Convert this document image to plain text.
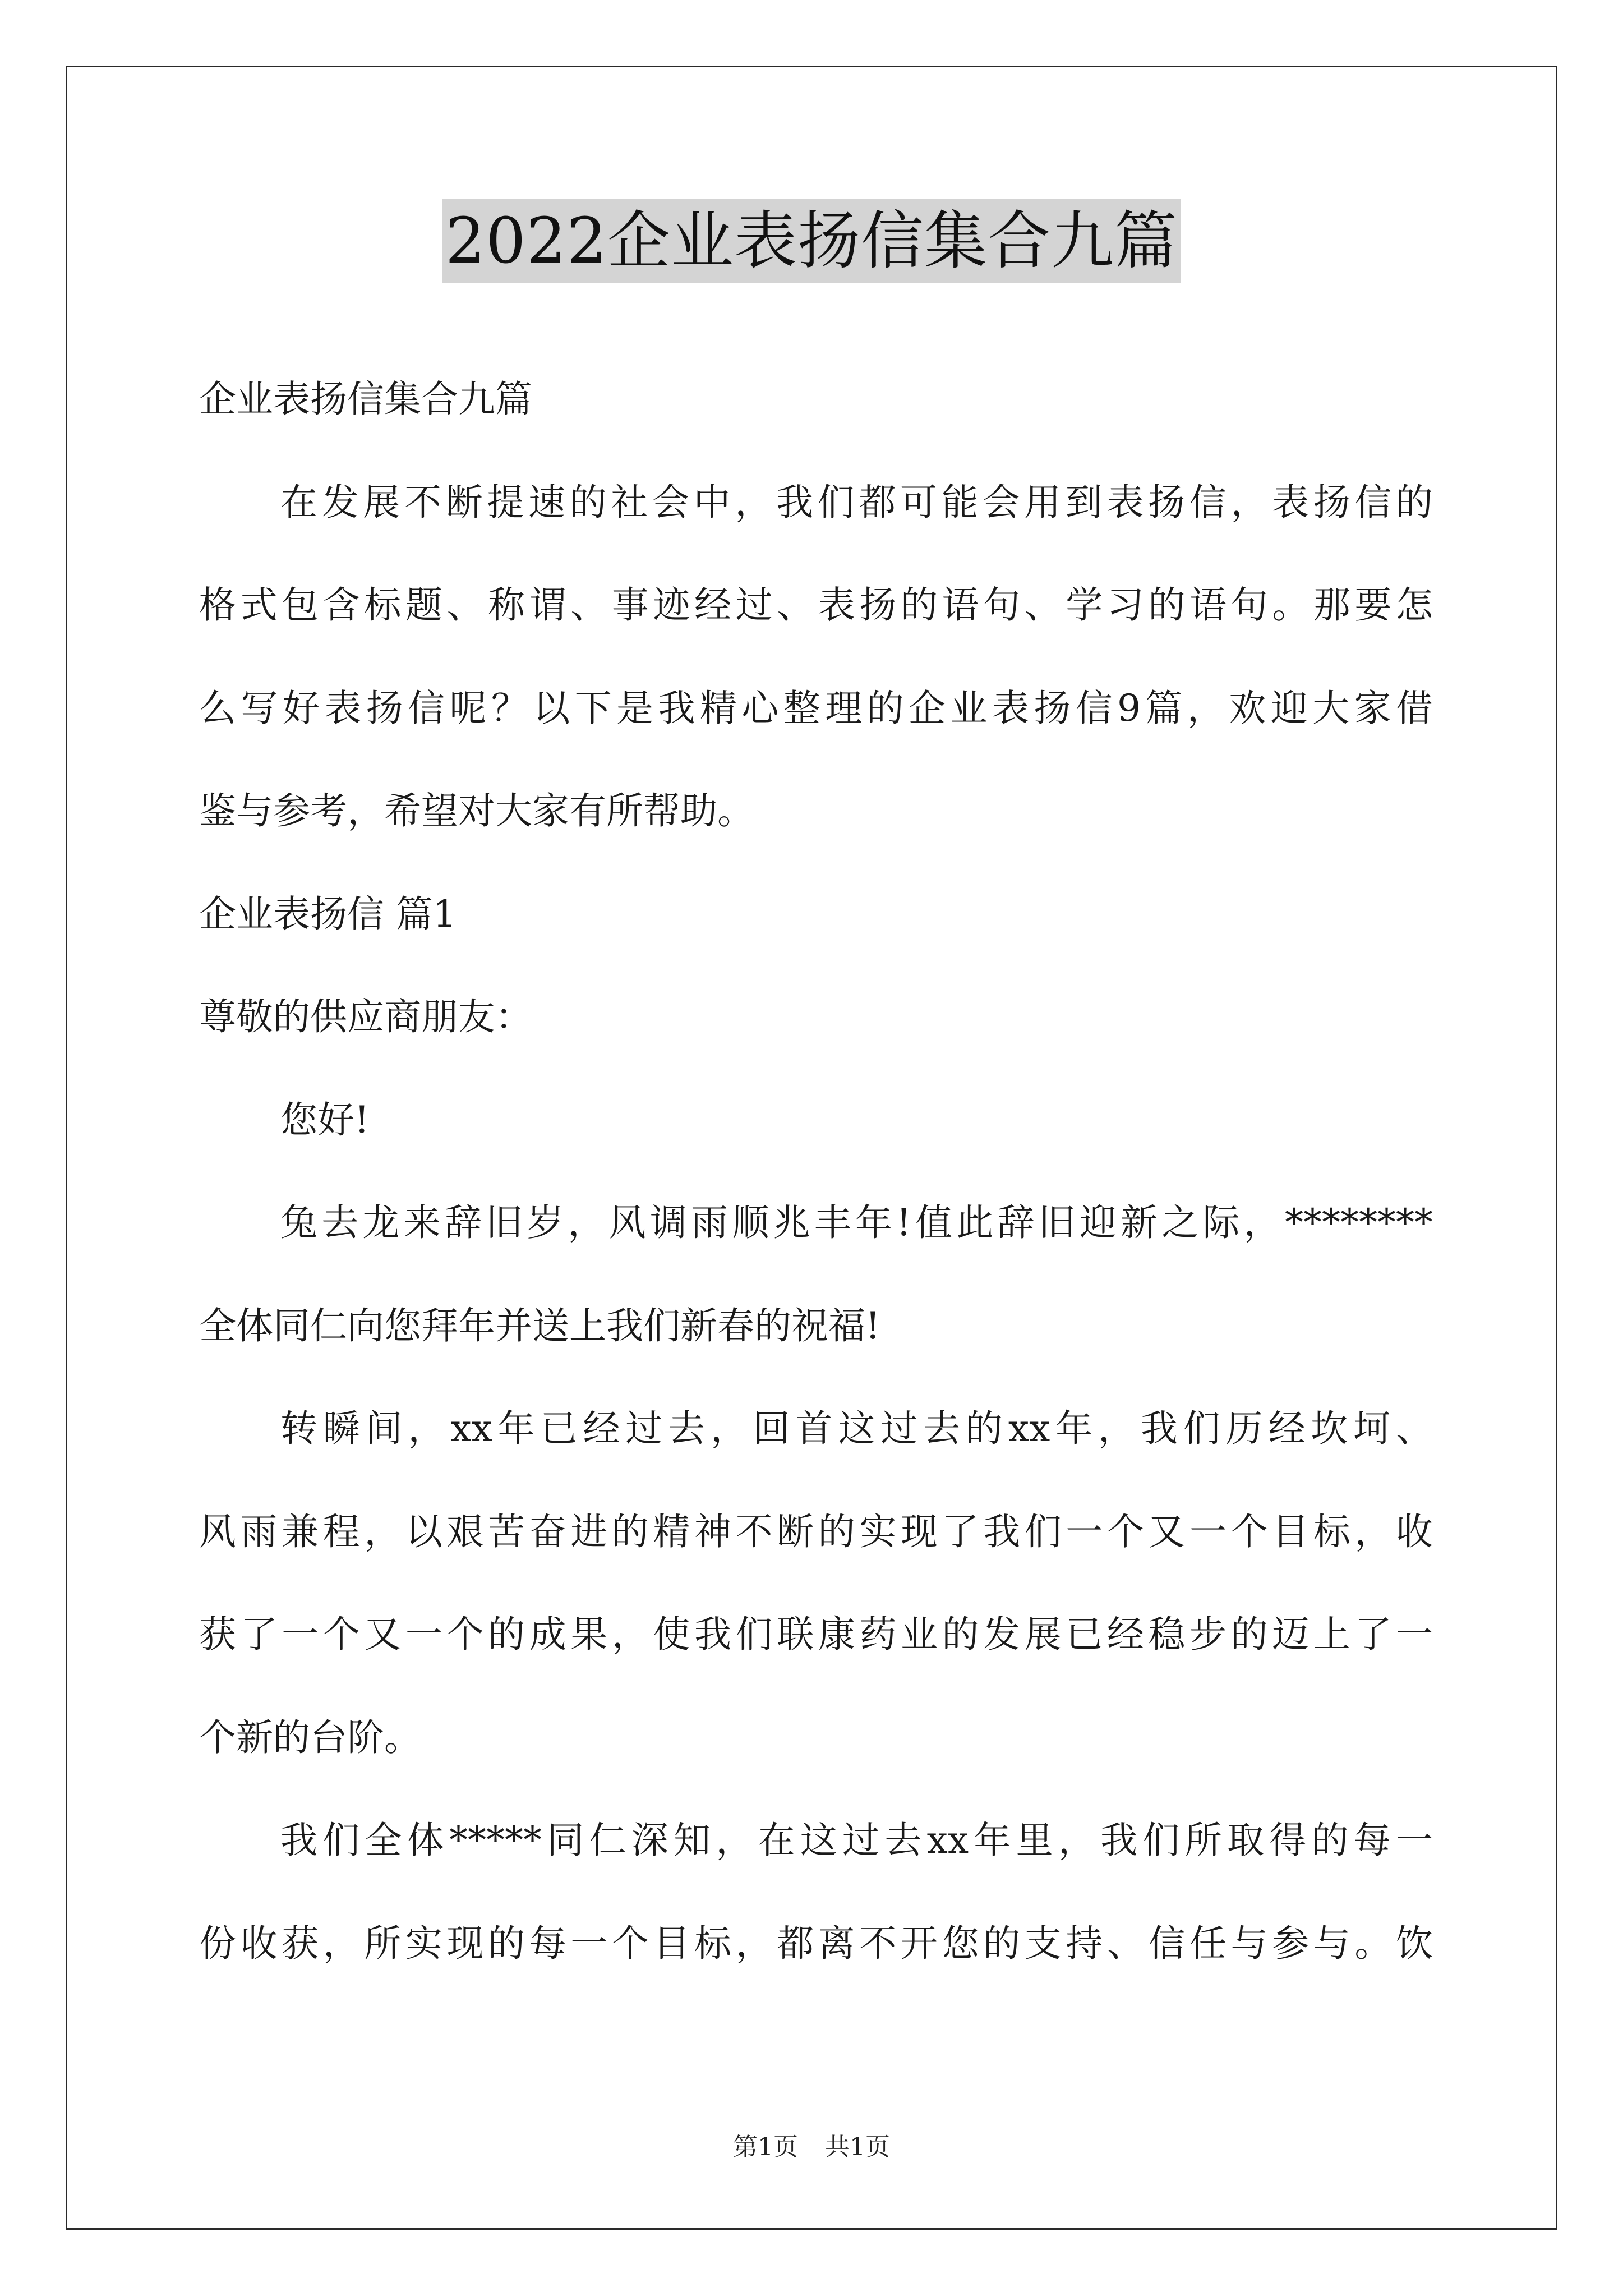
2022企业表扬信集合九篇
企业表扬信集合九篇
在发展不断提速的社会中，我们都可能会用到表扬信，表扬信的
格式包含标题、称谓、事迹经过、表扬的语句、学习的语句。那要怎
么写好表扬信呢？以下是我精心整理的企业表扬信9篇，欢迎大家借
鉴与参考，希望对大家有所帮助。
企业表扬信 篇1
尊敬的供应商朋友：
您好!
兔去龙来辞旧岁，风调雨顺兆丰年!值此辞旧迎新之际，********
全体同仁向您拜年并送上我们新春的祝福!
转瞬间，xx年已经过去，回首这过去的xx年，我们历经坎坷、
风雨兼程，以艰苦奋进的精神不断的实现了我们一个又一个目标，收
获了一个又一个的成果，使我们联康药业的发展已经稳步的迈上了一
个新的台阶。
我们全体*****同仁深知，在这过去xx年里，我们所取得的每一
份收获，所实现的每一个目标，都离不开您的支持、信任与参与。饮
第1页 共1页
